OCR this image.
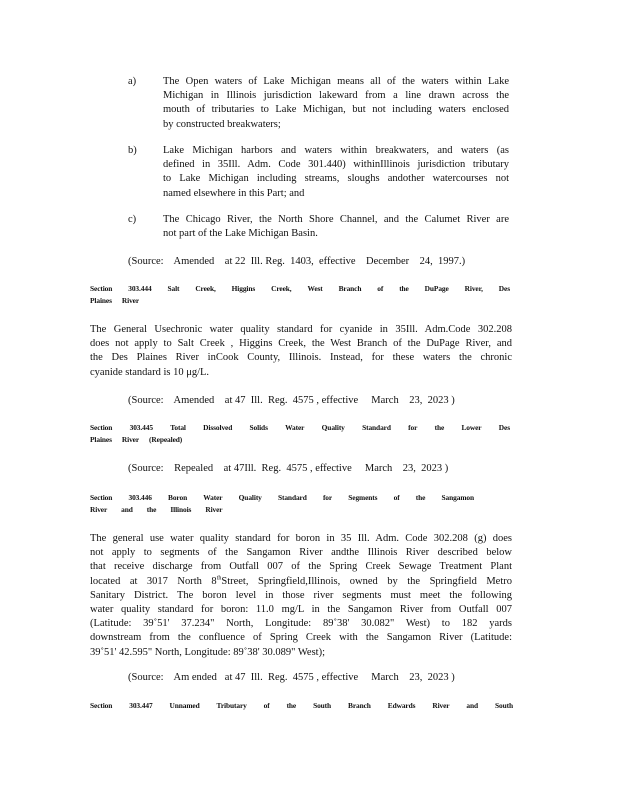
a)	The Open waters of Lake Michigan means all of the waters within Lake
Michigan in Illinois jurisdiction lakeward from a line drawn across the
mouth of tributaries to Lake Michigan, but not including waters enclosed
by constructed breakwaters;
b)	Lake Michigan harbors and waters within breakwaters, and waters (as
defined in 35Ill. Adm. Code 301.440) withinIllinois jurisdiction tributary
to Lake Michigan including streams, sloughs andother watercourses not
named elsewhere in this Part; and
c)	The Chicago River, the North Shore Channel, and the Calumet River are
not part of the Lake Michigan Basin.
(Source:    Amended    at 22  Ill. Reg.  1403,  effective    December    24,  1997.)
Section 303.444 Salt Creek, Higgins Creek, West Branch of the DuPage River, Des
Plaines River
The General Usechronic water quality standard for cyanide in 35Ill. Adm.Code 302.208
does not apply to Salt Creek , Higgins Creek, the West Branch of the DuPage River, and
the Des Plaines River inCook County, Illinois. Instead, for these waters the chronic
cyanide standard is 10 μg/L.
(Source:    Amended    at 47  Ill.  Reg.  4575 , effective     March    23,  2023 )
Section 303.445 Total Dissolved Solids Water Quality Standard for the Lower Des
Plaines River (Repealed)
(Source:    Repealed    at 47Ill.  Reg.  4575 , effective     March    23,  2023 )
Section 303.446 Boron Water Quality Standard for Segments of the Sangamon
River and the Illinois River
The general use water quality standard for boron in 35 Ill. Adm. Code 302.208 (g) does
not apply to segments of the Sangamon River andthe Illinois River described below
that receive discharge from Outfall 007 of the Spring Creek Sewage Treatment Plant
located at 3017 North 8thStreet, Springfield,Illinois, owned by the Springfield Metro
Sanitary District. The boron level in those river segments must meet the following
water quality standard for boron: 11.0 mg/L in the Sangamon River from Outfall 007
(Latitude: 39˚51' 37.234" North, Longitude: 89˚38' 30.082" West) to 182 yards
downstream from the confluence of Spring Creek with the Sangamon River (Latitude:
39˚51' 42.595" North, Longitude: 89˚38' 30.089" West);
(Source:    Am ended   at 47  Ill.  Reg.  4575 , effective     March    23,  2023 )
Section 303.447 Unnamed Tributary of the South Branch Edwards River and South
